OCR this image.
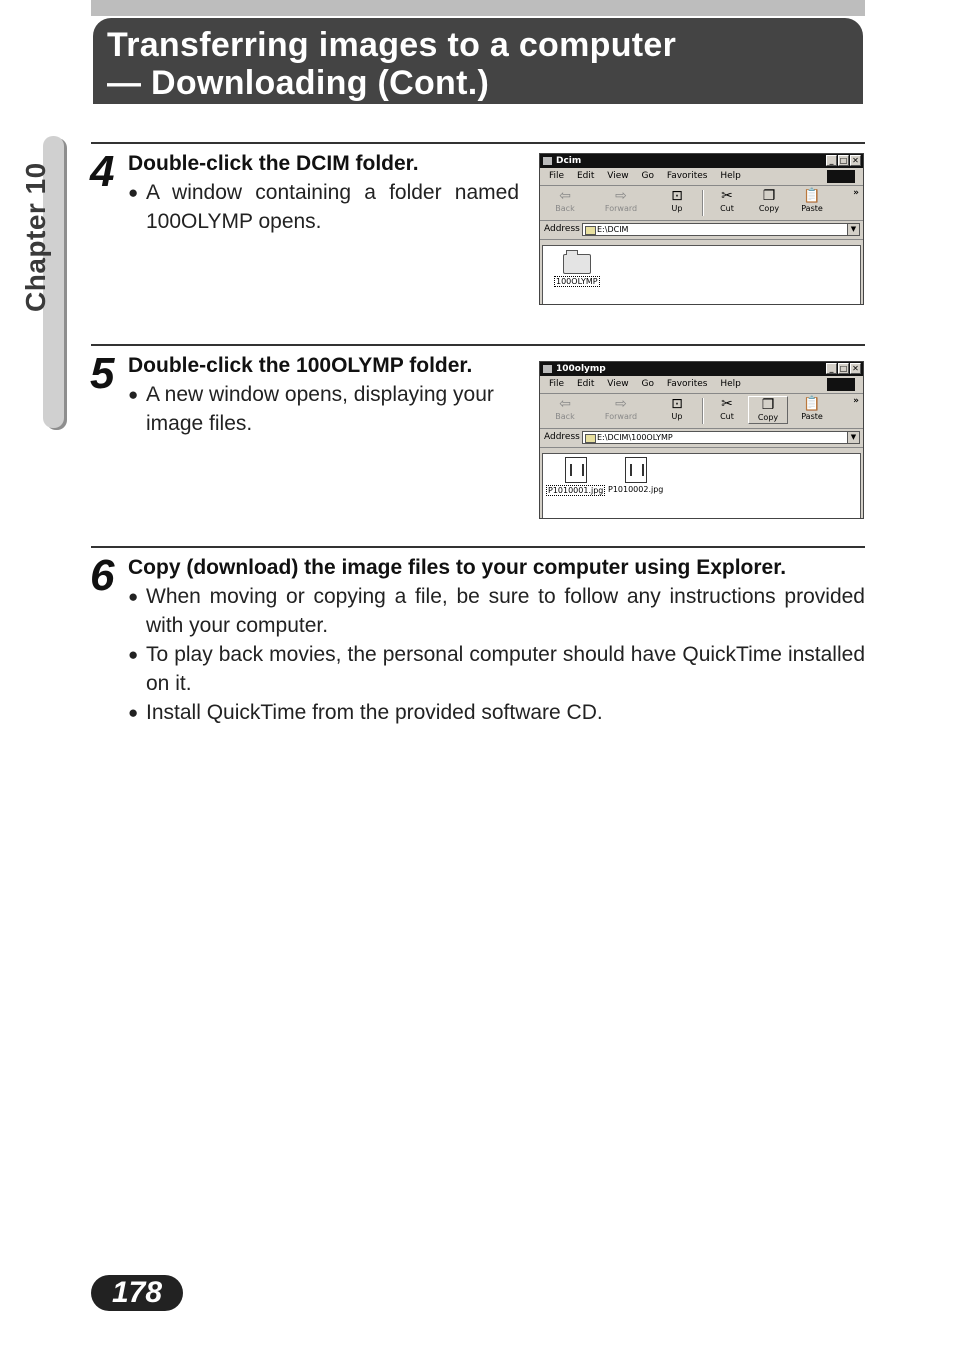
Transferring images to a computer
— Downloading (Cont.)
Chapter 10 4 Double-click the DCIM folder.
● A window containing a folder named 100OLYMP opens.
Dcim	_ □ ✕
File Edit View Go Favorites Help
⇦
Back
⇨
Forward
⊡
Up
✂
Cut
❐
Copy
📋
Paste
»
Address	E:\DCIM	▼
100OLYMP
5 Double-click the 100OLYMP folder.
● A new window opens, displaying your image files.
100olymp	_ □ ✕
File Edit View Go Favorites Help
⇦
Back
⇨
Forward
⊡
Up
✂
Cut
❐
Copy
📋
Paste
»
Address	E:\DCIM\100OLYMP	▼
P1010001.jpg P1010002.jpg
6 Copy (download) the image files to your computer using Explorer.
● When moving or copying a file, be sure to follow any instructions provided with your computer.
● To play back movies, the personal computer should have QuickTime installed on it.
● Install QuickTime from the provided software CD.
178
